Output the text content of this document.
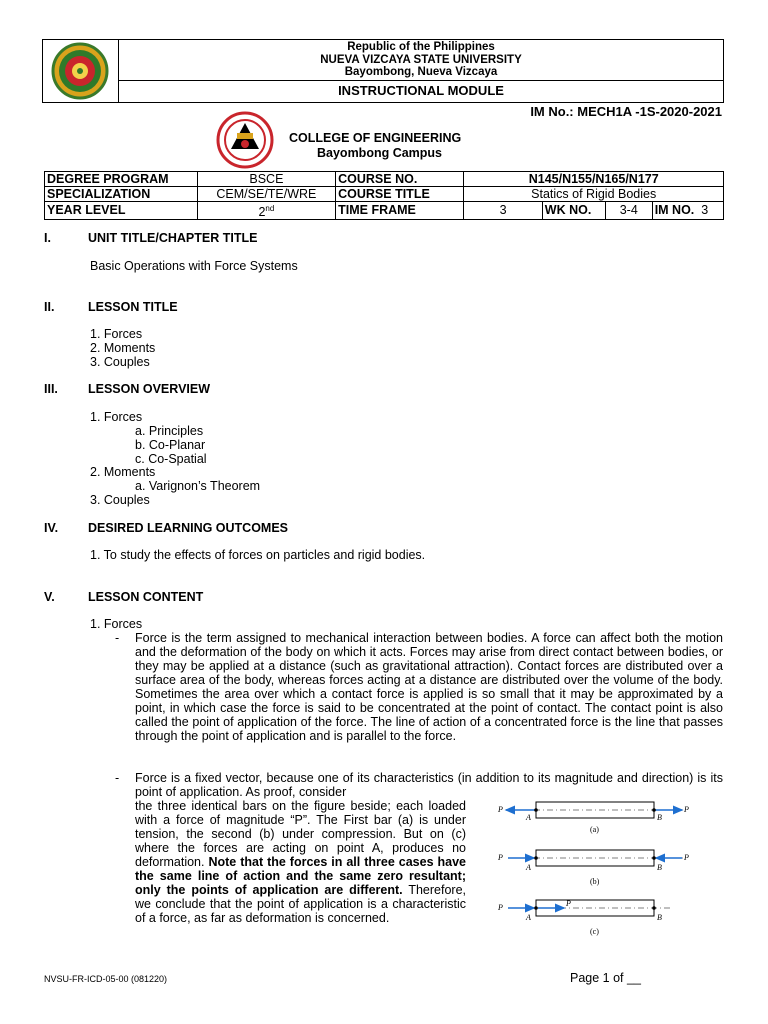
Republic of the Philippines
NUEVA VIZCAYA STATE UNIVERSITY
Bayombong, Nueva Vizcaya
INSTRUCTIONAL MODULE
IM No.: MECH1A -1S-2020-2021
COLLEGE OF ENGINEERING
Bayombong Campus
DEGREE PROGRAM	BSCE	COURSE NO.	N145/N155/N165/N177			
SPECIALIZATION	CEM/SE/TE/WRE	COURSE TITLE	Statics of Rigid Bodies			
YEAR LEVEL	2nd	TIME FRAME	3	WK NO.	3-4	IM NO. 3
I.	UNIT TITLE/CHAPTER TITLE
Basic Operations with Force Systems
II.	LESSON TITLE
1. Forces
2. Moments
3. Couples
III. LESSON OVERVIEW
1. Forces
a. Principles
b. Co-Planar
c. Co-Spatial
2. Moments
a. Varignon’s Theorem
3. Couples
IV. DESIRED LEARNING OUTCOMES
1. To study the effects of forces on particles and rigid bodies.
V.	LESSON CONTENT
1. Forces
- Force is the term assigned to mechanical interaction between bodies. A force can affect both the motion and the deformation of the body on which it acts. Forces may arise from direct contact between bodies, or they may be applied at a distance (such as gravitational attraction). Contact forces are distributed over a surface area of the body, whereas forces acting at a distance are distributed over the volume of the body. Sometimes the area over which a contact force is applied is so small that it may be approximated by a point, in which case the force is said to be concentrated at the point of contact. The contact point is also called the point of application of the force. The line of action of a concentrated force is the line that passes through the point of application and is parallel to the force.
- Force is a fixed vector, because one of its characteristics (in addition to its magnitude and direction) is its point of application. As proof, consider
the three identical bars on the figure beside; each loaded with a force of magnitude “P”. The First bar (a) is under tension, the second (b) under compression. But on (c) where the forces are acting on point A, produces no deformation. Note that the forces in all three cases have the same line of action and the same zero resultant; only the points of application are different. Therefore, we conclude that the point of application is a characteristic of a force, as far as deformation is concerned.
P	P
A	B
(a)
P	P
A	B
(b)
P	P
A	B
(c)
NVSU-FR-ICD-05-00 (081220)	Page 1 of __
